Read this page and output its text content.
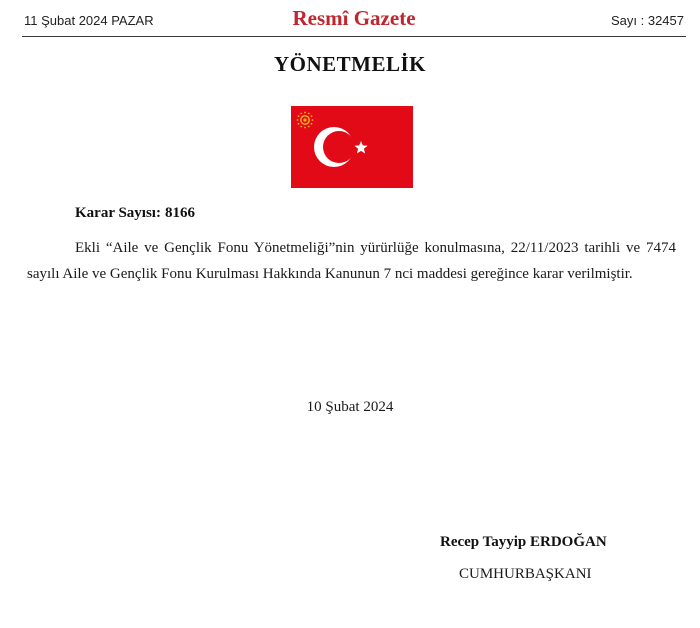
11 Şubat 2024 PAZAR	Resmî Gazete	Sayı : 32457
YÖNETMELİK
Karar Sayısı: 8166
Ekli “Aile ve Gençlik Fonu Yönetmeliği”nin yürürlüğe konulmasına, 22/11/2023 tarihli ve 7474 sayılı Aile ve Gençlik Fonu Kurulması Hakkında Kanunun 7 nci maddesi gereğince karar verilmiştir.
10 Şubat 2024
Recep Tayyip ERDOĞAN
CUMHURBAŞKANI
